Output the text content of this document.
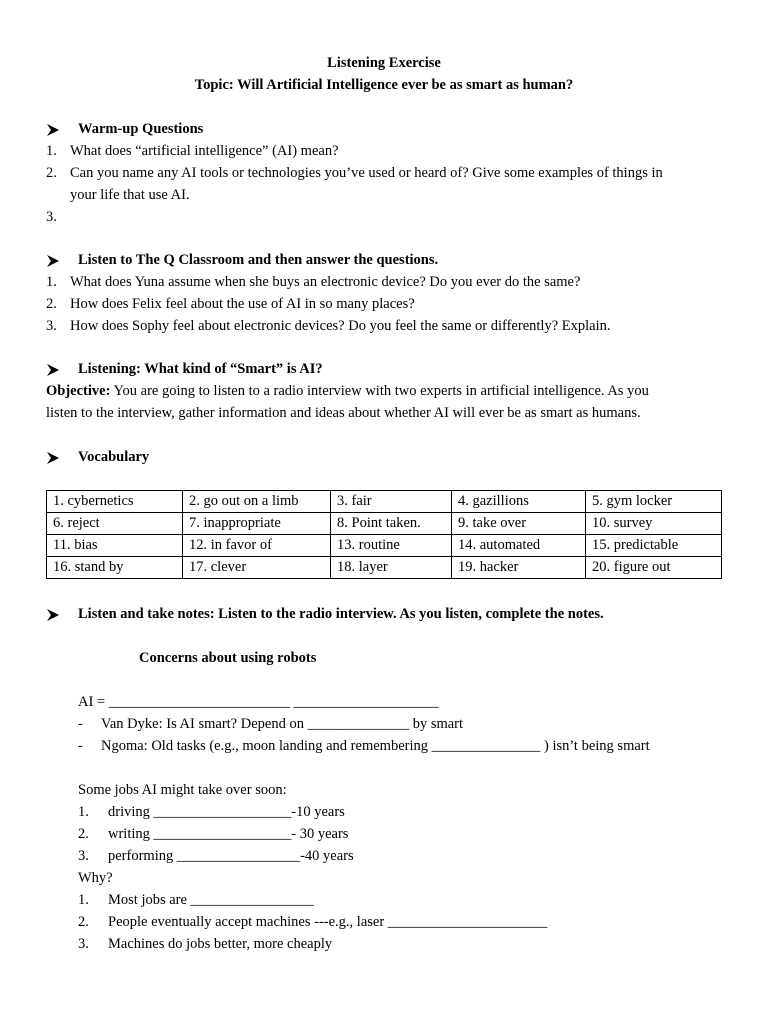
Listening Exercise
Topic: Will Artificial Intelligence ever be as smart as human?
Warm-up Questions
1. What does “artificial intelligence” (AI) mean?
2. Can you name any AI tools or technologies you’ve used or heard of? Give some examples of things in
your life that use AI.
3.
Listen to The Q Classroom and then answer the questions.
1. What does Yuna assume when she buys an electronic device? Do you ever do the same?
2. How does Felix feel about the use of AI in so many places?
3. How does Sophy feel about electronic devices? Do you feel the same or differently? Explain.
Listening: What kind of “Smart” is AI?
Objective: You are going to listen to a radio interview with two experts in artificial intelligence. As you
listen to the interview, gather information and ideas about whether AI will ever be as smart as humans.
Vocabulary
1. cybernetics	2. go out on a limb	3. fair	4. gazillions	5. gym locker
6. reject	7. inappropriate	8. Point taken.	9. take over	10. survey
11. bias	12. in favor of	13. routine	14. automated	15. predictable
16. stand by	17. clever	18. layer	19. hacker	20. figure out
Listen and take notes: Listen to the radio interview. As you listen, complete the notes.
Concerns about using robots
AI = _________________________ ____________________
- Van Dyke: Is AI smart? Depend on ______________ by smart
- Ngoma: Old tasks (e.g., moon landing and remembering _______________ ) isn’t being smart
Some jobs AI might take over soon:
1. driving ___________________-10 years
2. writing ___________________- 30 years
3. performing _________________-40 years
Why?
1. Most jobs are _________________
2. People eventually accept machines ---e.g., laser ______________________
3. Machines do jobs better, more cheaply
